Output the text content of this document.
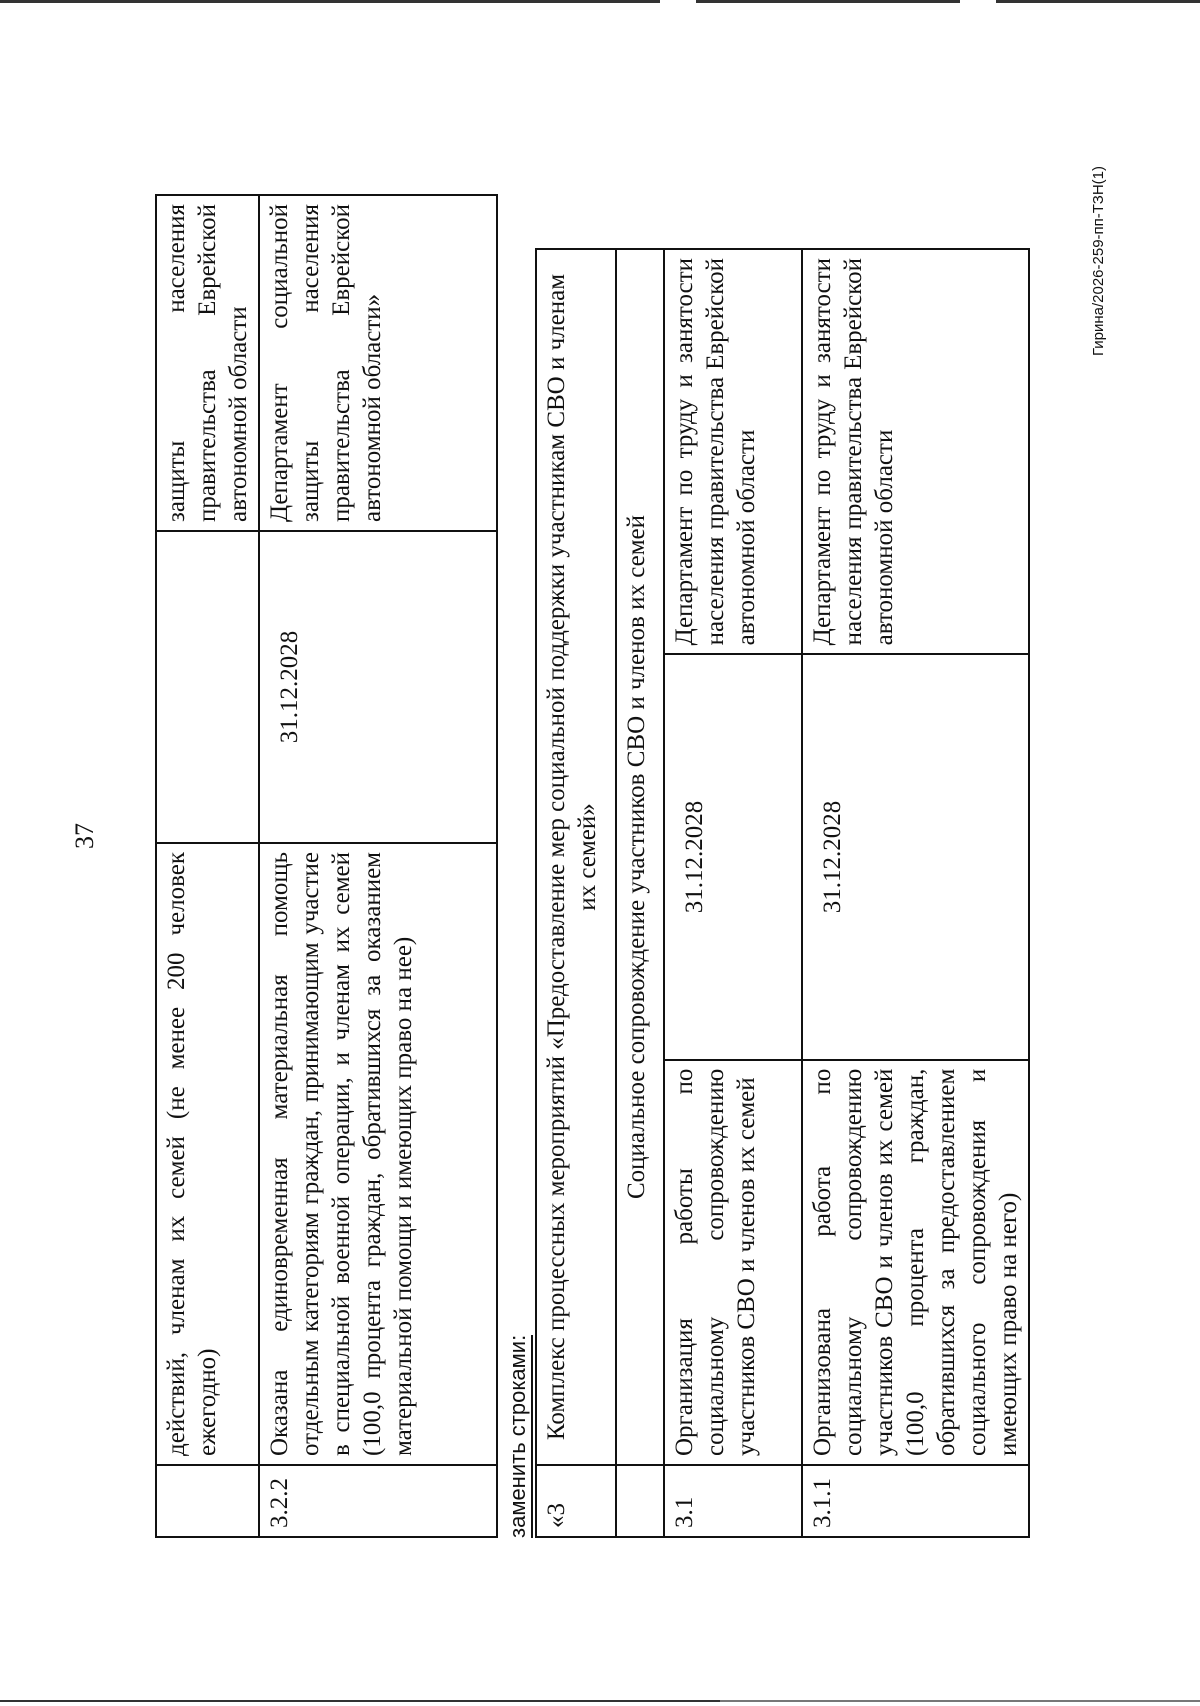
37
	действий, членам их семей (не менее 200 человек ежегодно)		защиты населения правительства Еврейской автономной области
3.2.2	Оказана единовременная материальная помощь отдельным категориям граждан, принимающим участие в специальной военной операции, и членам их семей (100,0 процента граждан, обратившихся за оказанием материальной помощи и имеющих право на нее)	31.12.2028	Департамент социальной защиты населения правительства Еврейской автономной области»
заменить строками: «3	Комплекс процессных мероприятий «Предоставление мер социальной поддержки участникам СВО и членам их семей»		
	Социальное сопровождение участников СВО и членов их семей		
3.1	Организация работы по социальному сопровождению участников СВО и членов их семей	31.12.2028	Департамент по труду и занятости населения правительства Еврейской автономной области
3.1.1	Организована работа по социальному сопровождению участников СВО и членов их семей (100,0 процента граждан, обратившихся за предоставлением социального сопровождения и имеющих право на него)	31.12.2028	Департамент по труду и занятости населения правительства Еврейской автономной области
Гирина/2026-259-пп-ТЗН(1)
